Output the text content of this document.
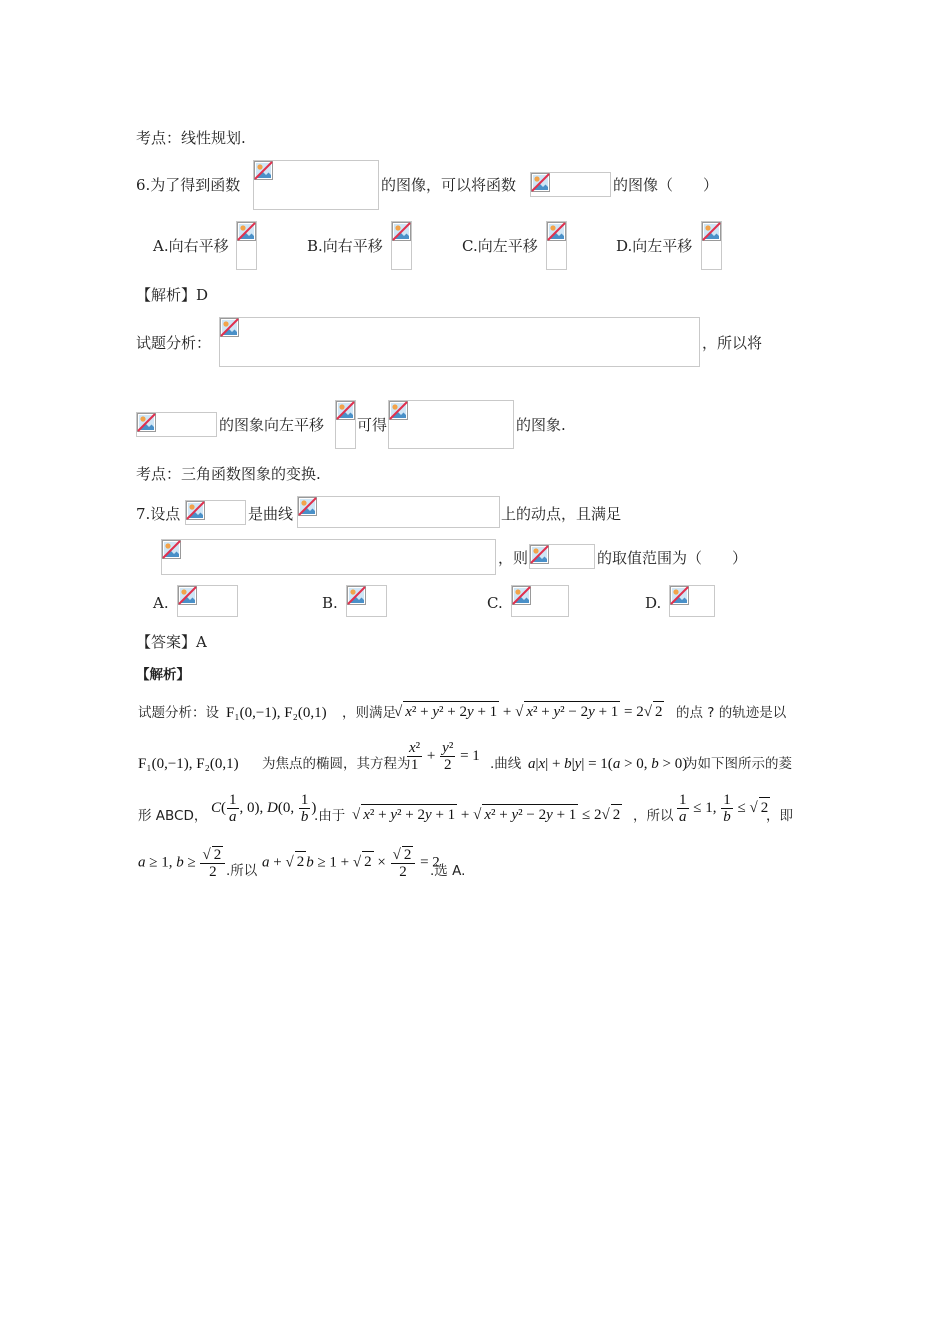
考点：线性规划.
6.为了得到函数	的图像，可以将函数	的图像（　　）
A.向右平移	B.向右平移	C.向左平移	D.向左平移
【解析】D
试题分析：	，所以将
的图象向左平移 可得	的图象.
考点：三角函数图象的变换.
7.设点	是曲线	上的动点，且满足
，则	的取值范围为（　　）
A.	B.	C.	D.
【答案】A
【解析】
试题分析：设 F₁(0,−1), F₂(0,1) ，则满足
√ x² + y² + 2y + 1 + √ x² + y² − 2y + 1 = 2√ 2 的点 ? 的轨迹是以
F₁(0,−1), F₂(0,1) 为焦点的椭圆，其方程为
$\frac{\text{x²}}{1} + \frac{\text{y²}}{2} = 1$
.曲线 a|x| + b|y| = 1(a > 0, b > 0)
为如下图所示的菱
形 ABCD，
$C( \frac{1}{a}$ , 0), D(0, $\frac{1}{b}$ )
.由于 √ x² + y² + 2y + 1 + √ x² + y² − 2y + 1 ≤ 2√ 2 ，所以 $\frac{1}{a} \le 1$, $\frac{1}{b}$ ≤ √ 2
，即
a ≥ 1, $b \ge \frac{√ 2}{2}$ .所以
a + √ 2 b ≥ 1 + √ $2 \times \frac{√ 2}{2} = 2$
.选 A.
